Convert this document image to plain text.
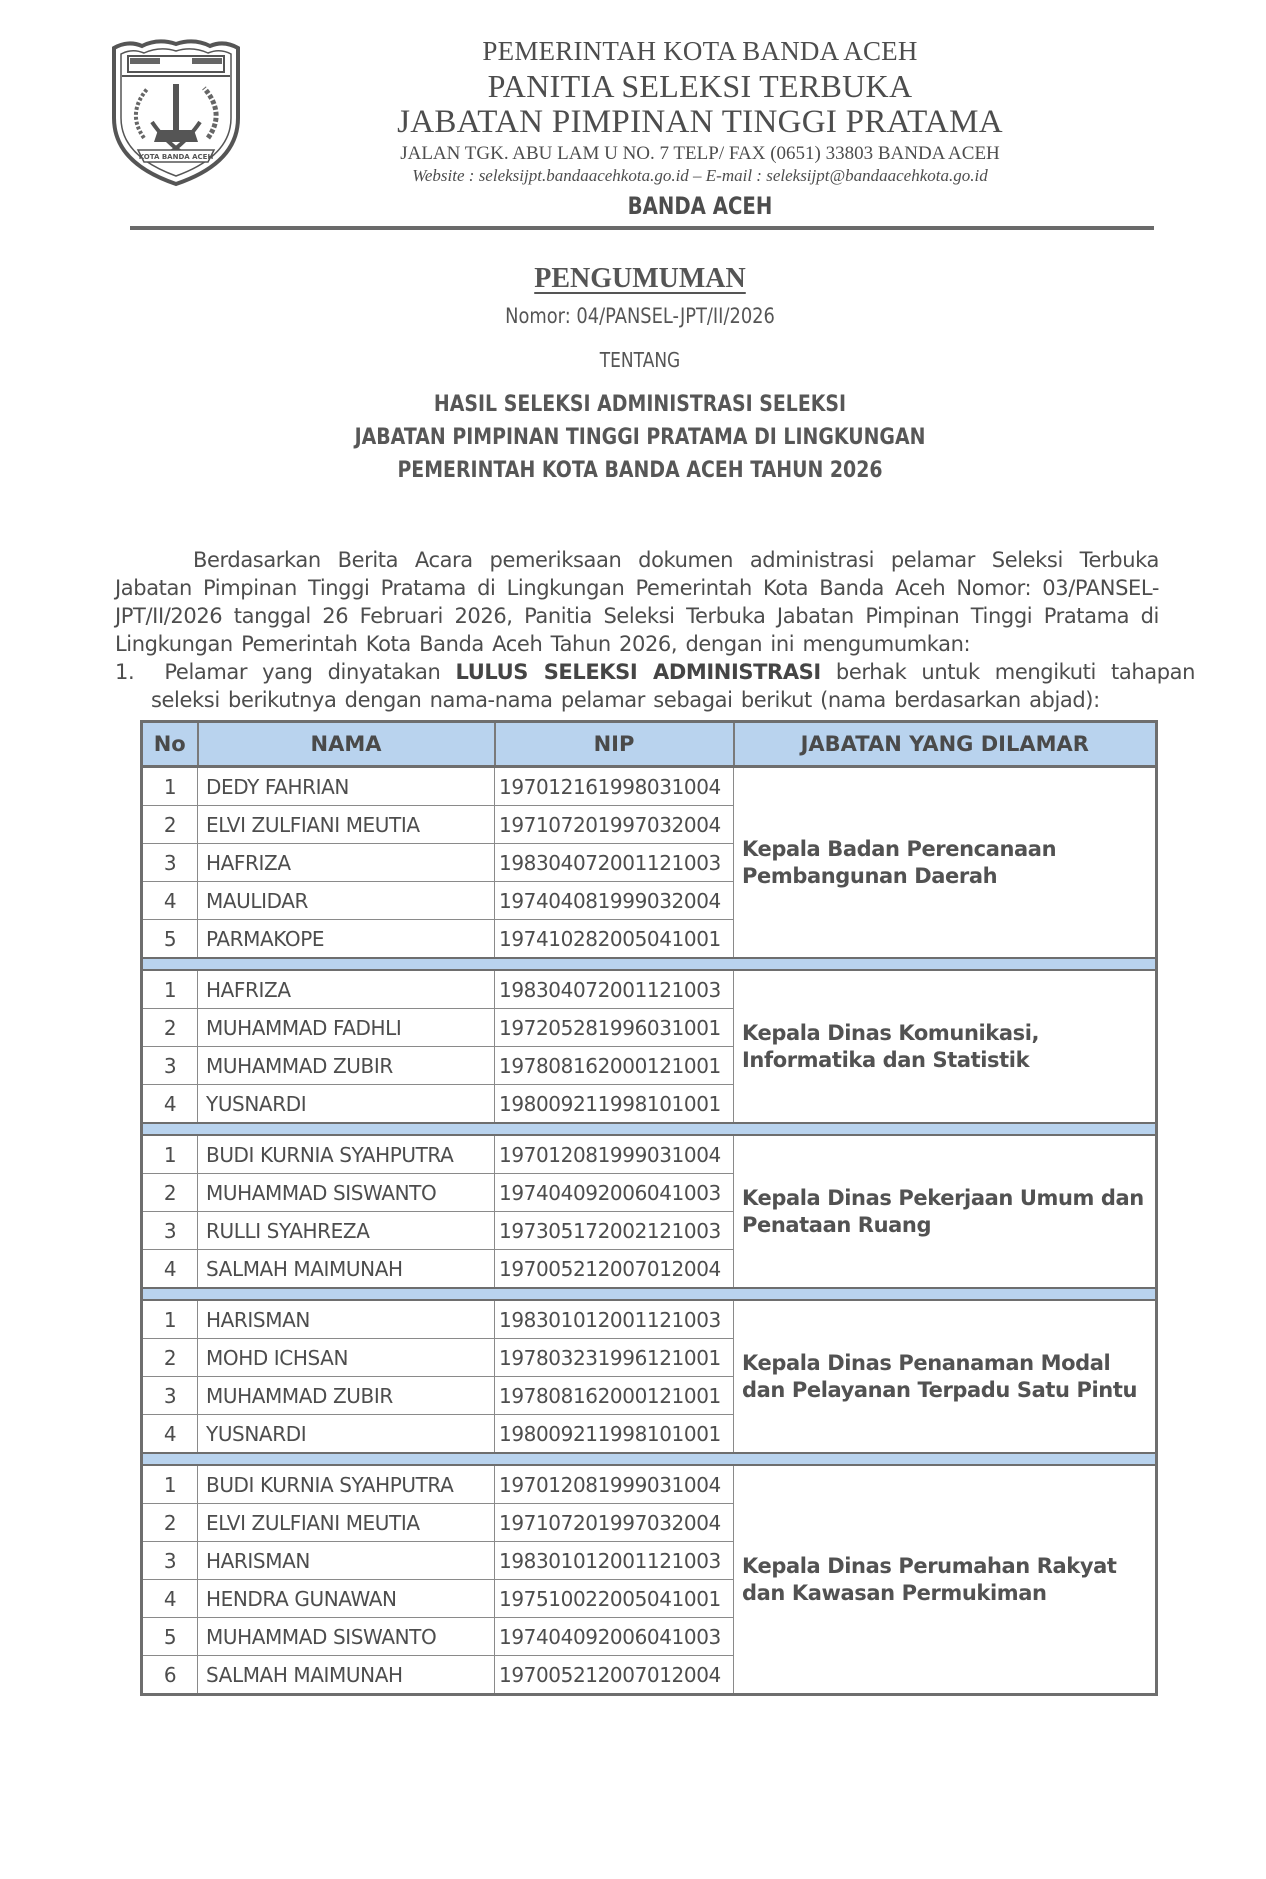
KOTA BANDA ACEH
PEMERINTAH KOTA BANDA ACEH
PANITIA SELEKSI TERBUKA
JABATAN PIMPINAN TINGGI PRATAMA
JALAN TGK. ABU LAM U NO. 7 TELP/ FAX (0651) 33803 BANDA ACEH
Website : seleksijpt.bandaacehkota.go.id – E-mail : seleksijpt@bandaacehkota.go.id
BANDA ACEH
PENGUMUMAN
Nomor: 04/PANSEL-JPT/II/2026
TENTANG
HASIL SELEKSI ADMINISTRASI SELEKSI
JABATAN PIMPINAN TINGGI PRATAMA DI LINGKUNGAN
PEMERINTAH KOTA BANDA ACEH TAHUN 2026
Berdasarkan Berita Acara pemeriksaan dokumen administrasi pelamar Seleksi Terbuka Jabatan Pimpinan Tinggi Pratama di Lingkungan Pemerintah Kota Banda Aceh Nomor: 03/PANSEL-JPT/II/2026 tanggal 26 Februari 2026, Panitia Seleksi Terbuka Jabatan Pimpinan Tinggi Pratama di Lingkungan Pemerintah Kota Banda Aceh Tahun 2026, dengan ini mengumumkan:
1. Pelamar yang dinyatakan LULUS SELEKSI ADMINISTRASI berhak untuk mengikuti tahapan seleksi berikutnya dengan nama-nama pelamar sebagai berikut (nama berdasarkan abjad):
No	NAMA	NIP	JABATAN YANG DILAMAR
1	DEDY FAHRIAN	197012161998031004	Kepala Badan Perencanaan Pembangunan Daerah
2	ELVI ZULFIANI MEUTIA	197107201997032004	
3	HAFRIZA	198304072001121003	
4	MAULIDAR	197404081999032004	
5	PARMAKOPE	197410282005041001	

1	HAFRIZA	198304072001121003	Kepala Dinas Komunikasi, Informatika dan Statistik
2	MUHAMMAD FADHLI	197205281996031001	
3	MUHAMMAD ZUBIR	197808162000121001	
4	YUSNARDI	198009211998101001	

1	BUDI KURNIA SYAHPUTRA	197012081999031004	Kepala Dinas Pekerjaan Umum dan Penataan Ruang
2	MUHAMMAD SISWANTO	197404092006041003	
3	RULLI SYAHREZA	197305172002121003	
4	SALMAH MAIMUNAH	197005212007012004	

1	HARISMAN	198301012001121003	Kepala Dinas Penanaman Modal dan Pelayanan Terpadu Satu Pintu
2	MOHD ICHSAN	197803231996121001	
3	MUHAMMAD ZUBIR	197808162000121001	
4	YUSNARDI	198009211998101001	

1	BUDI KURNIA SYAHPUTRA	197012081999031004	Kepala Dinas Perumahan Rakyat dan Kawasan Permukiman
2	ELVI ZULFIANI MEUTIA	197107201997032004	
3	HARISMAN	198301012001121003	
4	HENDRA GUNAWAN	197510022005041001	
5	MUHAMMAD SISWANTO	197404092006041003	
6	SALMAH MAIMUNAH	197005212007012004	
